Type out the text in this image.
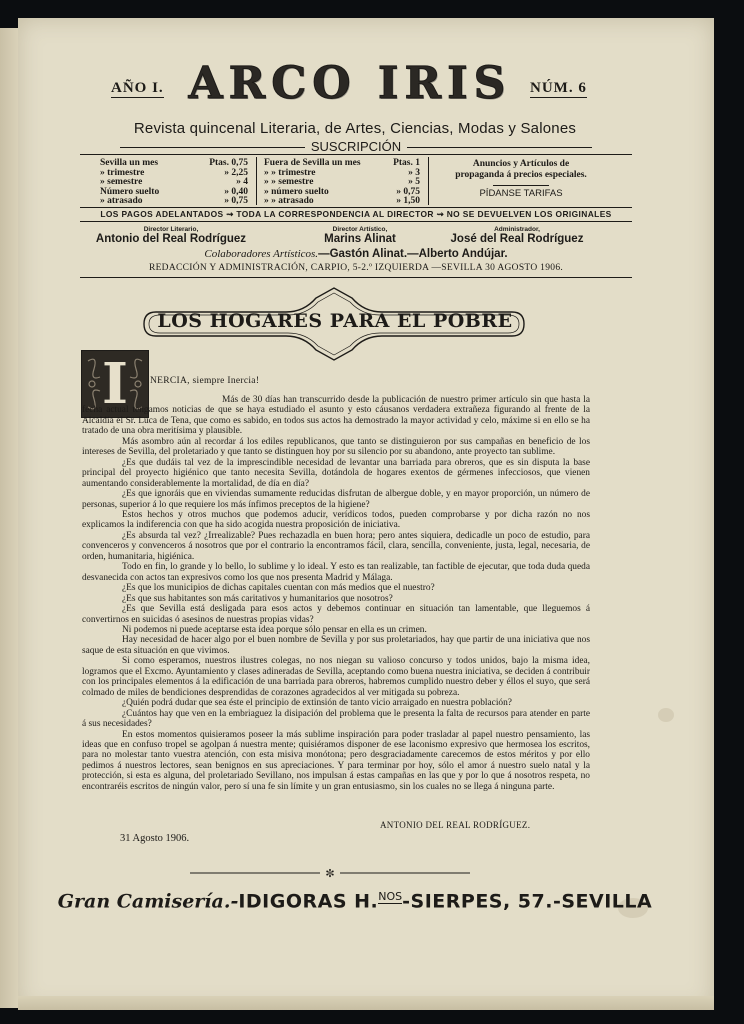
AÑO I.	NÚM. 6
ARCO IRIS
Revista quincenal Literaria, de Artes, Ciencias, Modas y Salones
SUSCRIPCIÓN
Sevilla un mes	Ptas. 0,75
» trimestre	» 2,25
» semestre	» 4
Número suelto	» 0,40
» atrasado	» 0,75
Fuera de Sevilla un mes	Ptas. 1
» » trimestre	» 3
» » semestre	» 5
» número suelto	» 0,75
» » atrasado	» 1,50
Anuncios y Artículos de propaganda á precios especiales.
PÍDANSE TARIFAS
LOS PAGOS ADELANTADOS ⇝ TODA LA CORRESPONDENCIA AL DIRECTOR ⇝ NO SE DEVUELVEN LOS ORIGINALES
Director Literario,
Antonio del Real Rodríguez
Director Artístico,
Marins Alinat
Administrador,
José del Real Rodríguez
Colaboradores Artísticos.—Gastón Alinat.—Alberto Andújar.
REDACCIÓN Y ADMINISTRACIÓN, CARPIO, 5-2.º IZQUIERDA —SEVILLA 30 AGOSTO 1906.
LOS HOGARES PARA EL POBRE
I	NERCIA, siempre Inercia!

Más de 30 días han transcurrido desde la publicación de nuestro primer artículo sin que hasta la fecha actual tengamos noticias de que se haya estudiado el asunto y esto cáusanos verdadera extrañeza figurando al frente de la Alcaldía el Sr. Luca de Tena, que como es sabido, en todos sus actos ha demostrado la mayor actividad y celo, máxime si en ello se ha tratado de una obra meritísima y plausible.

Más asombro aún al recordar á los ediles republicanos, que tanto se distinguieron por sus campañas en beneficio de los intereses de Sevilla, del proletariado y que tanto se distinguen hoy por su silencio por su abandono, ante proyecto tan sublime.

¿Es que dudáis tal vez de la imprescindible necesidad de levantar una barriada para obreros, que es sin disputa la base principal del proyecto higiénico que tanto necesita Sevilla, dotándola de hogares exentos de gérmenes infecciosos, que vienen aumentando considerablemente la mortalidad, de día en día?

¿Es que ignoráis que en viviendas sumamente reducidas disfrutan de albergue doble, y en mayor proporción, un número de personas, superior á lo que requiere los más ínfimos preceptos de la higiene?

Estos hechos y otros muchos que podemos aducir, verídicos todos, pueden comprobarse y por dicha razón no nos explicamos la indiferencia con que ha sido acogida nuestra proposición de iniciativa.

¿Es absurda tal vez? ¿Irrealizable? Pues rechazadla en buen hora; pero antes siquiera, dedicadle un poco de estudio, para convenceros y convenceros á nosotros que por el contrario la encontramos fácil, clara, sencilla, conveniente, justa, legal, necesaria, de orden, humanitaria, higiénica.

Todo en fin, lo grande y lo bello, lo sublime y lo ideal. Y esto es tan realizable, tan factible de ejecutar, que toda duda queda desvanecida con actos tan expresivos como los que nos presenta Madrid y Málaga.

¿Es que los municipios de dichas capitales cuentan con más medios que el nuestro?

¿Es que sus habitantes son más caritativos y humanitarios que nosotros?

¿Es que Sevilla está desligada para esos actos y debemos continuar en situación tan lamentable, que lleguemos á convertirnos en suicidas ó asesinos de nuestras propias vidas?

Ni podemos ni puede aceptarse esta idea porque sólo pensar en ella es un crimen.

Hay necesidad de hacer algo por el buen nombre de Sevilla y por sus proletariados, hay que partir de una iniciativa que nos saque de esta situación en que vivimos.

Si como esperamos, nuestros ilustres colegas, no nos niegan su valioso concurso y todos unidos, bajo la misma idea, logramos que el Excmo. Ayuntamiento y clases adineradas de Sevilla, aceptando como buena nuestra iniciativa, se deciden á contribuir con los principales elementos á la edificación de una barriada para obreros, habremos cumplido nuestro deber y éllos el suyo, que será colmado de miles de bendiciones desprendidas de corazones agradecidos al ver mitigada su pobreza.

¿Quién podrá dudar que sea éste el principio de extinsión de tanto vicio arraigado en nuestra población?

¿Cuántos hay que ven en la embriaguez la disipación del problema que le presenta la falta de recursos para atender en parte á sus necesidades?

En estos momentos quisieramos poseer la más sublime inspiración para poder trasladar al papel nuestro pensamiento, las ideas que en confuso tropel se agolpan á nuestra mente; quisiéramos disponer de ese laconismo expresivo que hermosea los escritos, para no molestar tanto vuestra atención, con esta misiva monótona; pero desgraciadamente carecemos de estos méritos y por ello pedimos á nuestros lectores, sean benignos en sus apreciaciones. Y para terminar por hoy, sólo el amor á nuestro suelo natal y la protección, si esta es alguna, del proletariado Sevillano, nos impulsan á estas campañas en las que y por lo que á nosotros respeta, no encontraréis escritos de ningún valor, pero sí una fe sin límite y un gran entusiasmo, sin los cuales no se llega á ninguna parte.

ANTONIO DEL REAL RODRÍGUEZ.
31 Agosto 1906.
✼
Gran Camisería.-IDIGORAS H.$^{NOS}$-SIERPES, 57.-SEVILLA
